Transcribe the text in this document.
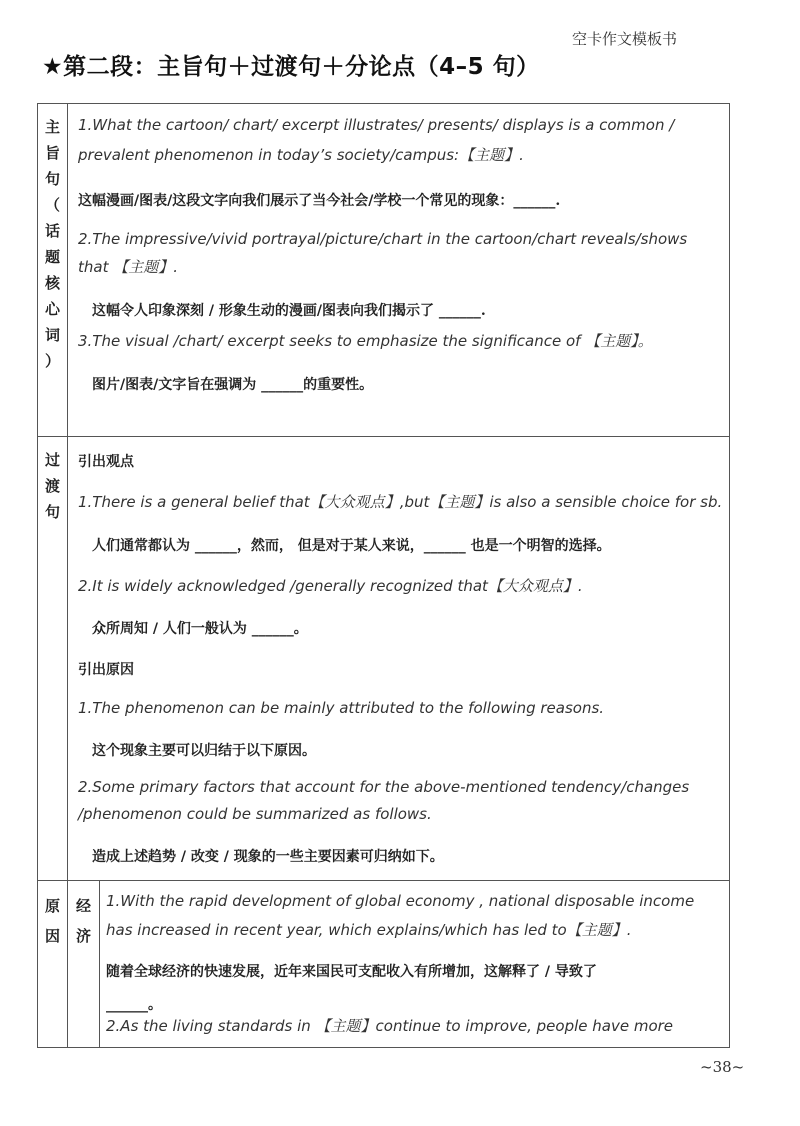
空卡作文模板书
★第二段：主旨句＋过渡句＋分论点（4–5 句）
主
旨
句
（
话
题
核
心
词
）
1.What the cartoon/ chart/ excerpt illustrates/ presents/ displays is a common /
prevalent phenomenon in today’s society/campus:【主题】.
这幅漫画/图表/这段文字向我们展示了当今社会/学校一个常见的现象：______.
2.The impressive/vivid portrayal/picture/chart in the cartoon/chart reveals/shows
that 【主题】.
这幅令人印象深刻 / 形象生动的漫画/图表向我们揭示了 ______.
3.The visual /chart/ excerpt seeks to emphasize the significance of 【主题】。
图片/图表/文字旨在强调为 ______的重要性。
过
渡
句
引出观点
1.There is a general belief that【大众观点】,but【主题】is also a sensible choice for sb.
人们通常都认为 ______，然而， 但是对于某人来说，______ 也是一个明智的选择。
2.It is widely acknowledged /generally recognized that【大众观点】.
众所周知 / 人们一般认为 ______。
引出原因
1.The phenomenon can be mainly attributed to the following reasons.
这个现象主要可以归结于以下原因。
2.Some primary factors that account for the above-mentioned tendency/changes
/phenomenon could be summarized as follows.
造成上述趋势 / 改变 / 现象的一些主要因素可归纳如下。
原
因
经
济
1.With the rapid development of global economy , national disposable income
has increased in recent year, which explains/which has led to【主题】.
随着全球经济的快速发展，近年来国民可支配收入有所增加，这解释了 / 导致了
______。
2.As the living standards in 【主题】continue to improve, people have more
~38~
